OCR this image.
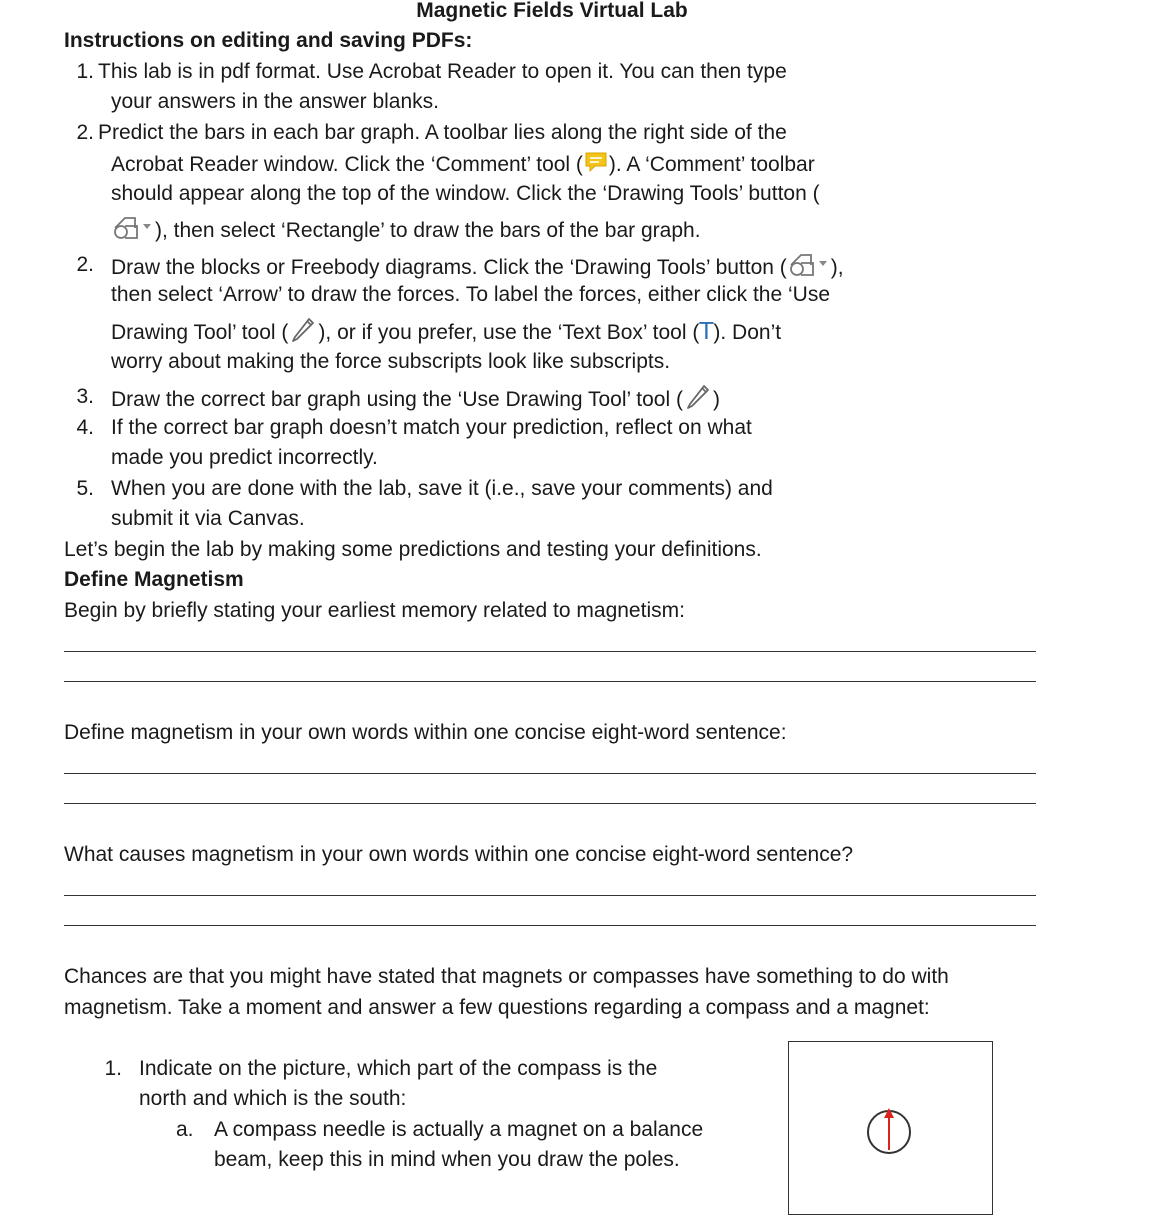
Magnetic Fields Virtual Lab
Instructions on editing and saving PDFs:
1. This lab is in pdf format. Use Acrobat Reader to open it. You can then type
your answers in the answer blanks.
2. Predict the bars in each bar graph. A toolbar lies along the right side of the
Acrobat Reader window. Click the ‘Comment’ tool ( ). A ‘Comment’ toolbar
should appear along the top of the window. Click the ‘Drawing Tools’ button (
), then select ‘Rectangle’ to draw the bars of the bar graph.
2. Draw the blocks or Freebody diagrams. Click the ‘Drawing Tools’ button ( ),
then select ‘Arrow’ to draw the forces. To label the forces, either click the ‘Use
Drawing Tool’ tool ( ), or if you prefer, use the ‘Text Box’ tool (T). Don’t
worry about making the force subscripts look like subscripts.
3. Draw the correct bar graph using the ‘Use Drawing Tool’ tool ( )
4. If the correct bar graph doesn’t match your prediction, reflect on what
made you predict incorrectly.
5. When you are done with the lab, save it (i.e., save your comments) and
submit it via Canvas.
Let’s begin the lab by making some predictions and testing your definitions.
Define Magnetism
Begin by briefly stating your earliest memory related to magnetism:
Define magnetism in your own words within one concise eight-word sentence:
What causes magnetism in your own words within one concise eight-word sentence?
Chances are that you might have stated that magnets or compasses have something to do with
magnetism. Take a moment and answer a few questions regarding a compass and a magnet:
1. Indicate on the picture, which part of the compass is the
north and which is the south:
a. A compass needle is actually a magnet on a balance
beam, keep this in mind when you draw the poles.
